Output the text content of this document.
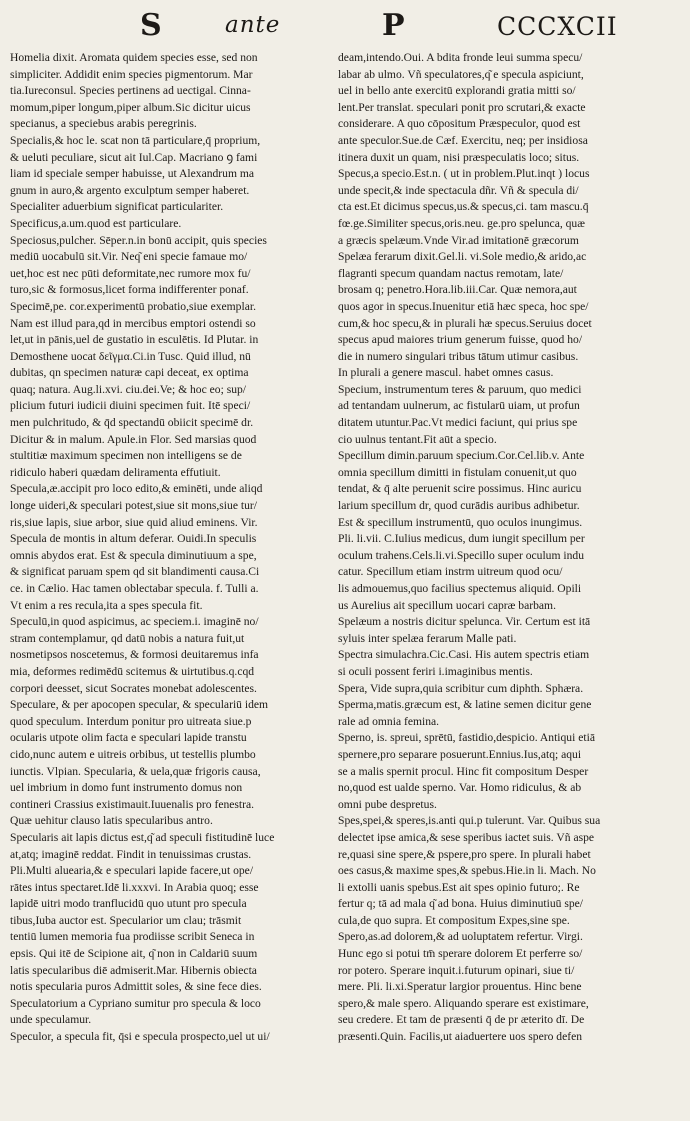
S	ante	P	CCCXCII
Homelia dixit. Aromata quidem species esse, sed non
simpliciter. Addidit enim species pigmentorum. Mar
tia.Iureconsul. Species pertinens ad uectigal. Cinna-
momum,piper longum,piper album.Sic dicitur uicus
specianus, a speciebus arabis peregrinis.
Specialis,& hoc le. scat non tā particulare,q̄ proprium,
& ueluti peculiare, sicut ait Iul.Cap. Macriano ꝯ fami
liam id speciale semper habuisse, ut Alexandrum ma
gnum in auro,& argento exculptum semper haberet.
Specialiter aduerbium significat particulariter.
Specificus,a.um.quod est particulare.
Speciosus,pulcher. Sēper.n.in bonū accipit, quis species
mediū uocabulū sit.Vir. Neq͂ eni specie famaue mo/
uet,hoc est nec pūti deformitate,nec rumore mox fu/
turo,sic & formosus,licet forma indifferenter ponaf.
Specimē,pe. cor.experimentū probatio,siue exemplar.
Nam est illud para,qd in mercibus emptori ostendi so
let,ut in pānis,uel de gustatio in esculētis. Id Plutar. in
Demosthene uocat δεῖγμα.Ci.in Tusc. Quid illud, nū
dubitas, qn specimen naturæ capi deceat, ex optima
quaq; natura. Aug.li.xvi. ciu.dei.Ve; & hoc eo; sup/
plicium futuri iudicii diuini specimen fuit. Itē speci/
men pulchritudo, & q̄d spectandū obiicit specimē dr.
Dicitur & in malum. Apule.in Flor. Sed marsias quod
stultitiæ maximum specimen non intelligens se de
ridiculo haberi quædam deliramenta effutiuit.
Specula,æ.accipit pro loco edito,& eminēti, unde aliqd
longe uideri,& speculari potest,siue sit mons,siue tur/
ris,siue lapis, siue arbor, siue quid aliud eminens. Vir.
Specula de montis in altum deferar. Ouidi.In speculis
omnis abydos erat. Est & specula diminutiuum a spe,
& significat paruam spem qd sit blandimenti causa.Ci
ce. in Cælio. Hac tamen oblectabar specula. f. Tulli a.
Vt enim a res recula,ita a spes specula fit.
Speculū,in quod aspicimus, ac speciem.i. imaginē no/
stram contemplamur, qd datū nobis a natura fuit,ut
nosmetipsos noscetemus, & formosi deuitaremus infa
mia, deformes redimēdū scitemus & uirtutibus.q.cqd
corpori deesset, sicut Socrates monebat adolescentes.
Speculare, & per apocopen specular, & speculariū idem
quod speculum. Interdum ponitur pro uitreata siue.p
ocularis utpote olim facta e speculari lapide transtu
cido,nunc autem e uitreis orbibus, ut testellis plumbo
iunctis. Vlpian. Specularia, & uela,quæ frigoris causa,
uel imbrium in domo funt instrumento domus non
contineri Crassius existimauit.Iuuenalis pro fenestra.
Quæ uehitur clauso latis specularibus antro.
Specularis ait lapis dictus est,q͂ ad speculi fistitudinē luce
at,atq; imaginē reddat. Findit in tenuissimas crustas.
Pli.Multi aluearia,& e speculari lapide facere,ut ope/
rātes intus spectaret.Idē li.xxxvi. In Arabia quoq; esse
lapidē uitri modo tranflucidū quo utunt pro specula
tibus,Iuba auctor est. Specularior um clau; trāsmit
tentiū lumen memoria fua prodiisse scribit Seneca in
epsis. Qui itē de Scipione ait, q͂ non in Caldariū suum
latis specularibus diē admiserit.Mar. Hibernis obiecta
notis specularia puros Admittit soles, & sine fece dies.
Speculatorium a Cypriano sumitur pro specula & loco
unde speculamur.
Speculor, a specula fit, q̄si e specula prospecto,uel ut ui/
deam,intendo.Oui. A bdita fronde leui summa specu/
labar ab ulmo. Vñ speculatores,q͂ e specula aspiciunt,
uel in bello ante exercitū explorandi gratia mitti so/
lent.Per translat. speculari ponit pro scrutari,& exacte
considerare. A quo cōpositum Præspeculor, quod est
ante speculor.Sue.de Cæf. Exercitu, neq; per insidiosa
itinera duxit un quam, nisi præspeculatis loco; situs.
Specus,a specio.Est.n. ( ut in problem.Plut.inqt ) locus
unde specit,& inde spectacula dñr. Vñ & specula di/
cta est.Et dicimus specus,us.& specus,ci. tam mascu.q̄
fœ.ge.Similiter specus,oris.neu. ge.pro spelunca, quæ
a græcis spelæum.Vnde Vir.ad imitationē græcorum
Spelæa ferarum dixit.Gel.li. vi.Sole medio,& arido,ac
flagranti specum quandam nactus remotam, late/
brosam q; penetro.Hora.lib.iii.Car. Quæ nemora,aut
quos agor in specus.Inuenitur etiā hæc speca, hoc spe/
cum,& hoc specu,& in plurali hæ specus.Seruius docet
specus apud maiores trium generum fuisse, quod ho/
die in numero singulari tribus tātum utimur casibus.
In plurali a genere mascul. habet omnes casus.
Specium, instrumentum teres & paruum, quo medici
ad tentandam uulnerum, ac fistularū uiam, ut profun
ditatem utuntur.Pac.Vt medici faciunt, qui prius spe
cio uulnus tentant.Fit aūt a specio.
Specillum dimin.paruum specium.Cor.Cel.lib.v. Ante
omnia specillum dimitti in fistulam conuenit,ut quo
tendat, & q̄ alte peruenit scire possimus. Hinc auricu
larium specillum dr, quod curādis auribus adhibetur.
Est & specillum instrumentū, quo oculos inungimus.
Pli. li.vii. C.Iulius medicus, dum iungit specillum per
oculum trahens.Cels.li.vi.Specillo super oculum indu
catur. Specillum etiam instrm uitreum quod ocu/
lis admouemus,quo facilius spectemus aliquid. Opili
us Aurelius ait specillum uocari capræ barbam.
Spelæum a nostris dicitur spelunca. Vir. Certum est itā
syluis inter spelæa ferarum Malle pati.
Spectra simulachra.Cic.Casi. His autem spectris etiam
si oculi possent feriri i.imaginibus mentis.
Spera, Vide supra,quia scribitur cum diphth. Sphæra.
Sperma,matis.græcum est, & latine semen dicitur gene
rale ad omnia femina.
Sperno, is. spreui, sprētū, fastidio,despicio. Antiqui etiā
spernere,pro separare posuerunt.Ennius.Ius,atq; aqui
se a malis spernit procul. Hinc fit compositum Desper
no,quod est ualde sperno. Var. Homo ridiculus, & ab
omni pube despretus.
Spes,spei,& speres,is.anti qui.p tulerunt. Var. Quibus sua
delectet ipse amica,& sese speribus iactet suis. Vñ aspe
re,quasi sine spere,& pspere,pro spere. In plurali habet
oes casus,& maxime spes,& spebus.Hie.in li. Mach. No
li extolli uanis spebus.Est ait spes opinio futuro;. Re
fertur q; tā ad mala q͂ ad bona. Huius diminutiuū spe/
cula,de quo supra. Et compositum Expes,sine spe.
Spero,as.ad dolorem,& ad uoluptatem refertur. Virgi.
Hunc ego si potui tm̄ sperare dolorem Et perferre so/
ror potero. Sperare inquit.i.futurum opinari, siue ti/
mere. Pli. li.xi.Speratur largior prouentus. Hinc bene
spero,& male spero. Aliquando sperare est existimare,
seu credere. Et tam de præsenti q̄ de pr æterito dī. De
præsenti.Quin. Facilis,ut aiaduertere uos spero defen
